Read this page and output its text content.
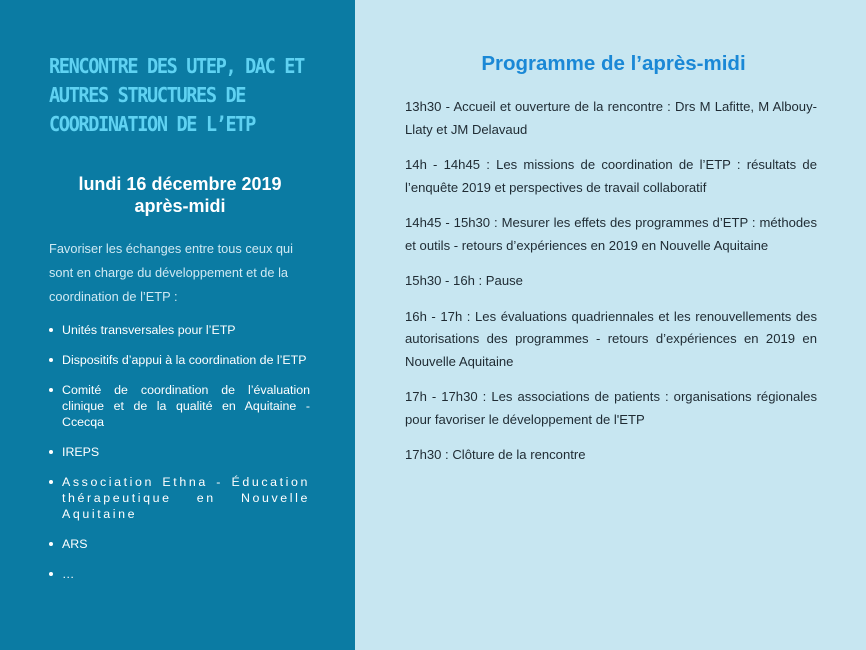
RENCONTRE DES UTEP, DAC ET
AUTRES STRUCTURES DE
COORDINATION DE L’ETP
lundi 16 décembre 2019
après-midi

Favoriser les échanges entre tous ceux qui sont en charge du développement et de la coordination de l’ETP :

Unités transversales pour l’ETP
Dispositifs d’appui à la coordination de l’ETP
Comité de coordination de l’évaluation clinique et de la qualité en Aquitaine - Ccecqa
IREPS
Association Ethna - Éducation thérapeutique en Nouvelle Aquitaine
ARS
…
Programme de l’après-midi

13h30 - Accueil et ouverture de la rencontre : Drs M Lafitte, M Albouy-Llaty et JM Delavaud

14h - 14h45 : Les missions de coordination de l’ETP : résultats de l’enquête 2019 et perspectives de travail collaboratif

14h45 - 15h30 : Mesurer les effets des programmes d’ETP : méthodes et outils - retours d’expériences en 2019 en Nouvelle Aquitaine

15h30 - 16h : Pause

16h - 17h : Les évaluations quadriennales et les renouvellements des autorisations des programmes - retours d’expériences en 2019 en Nouvelle Aquitaine

17h - 17h30 : Les associations de patients : organisations régionales pour favoriser le développement de l'ETP

17h30 : Clôture de la rencontre
